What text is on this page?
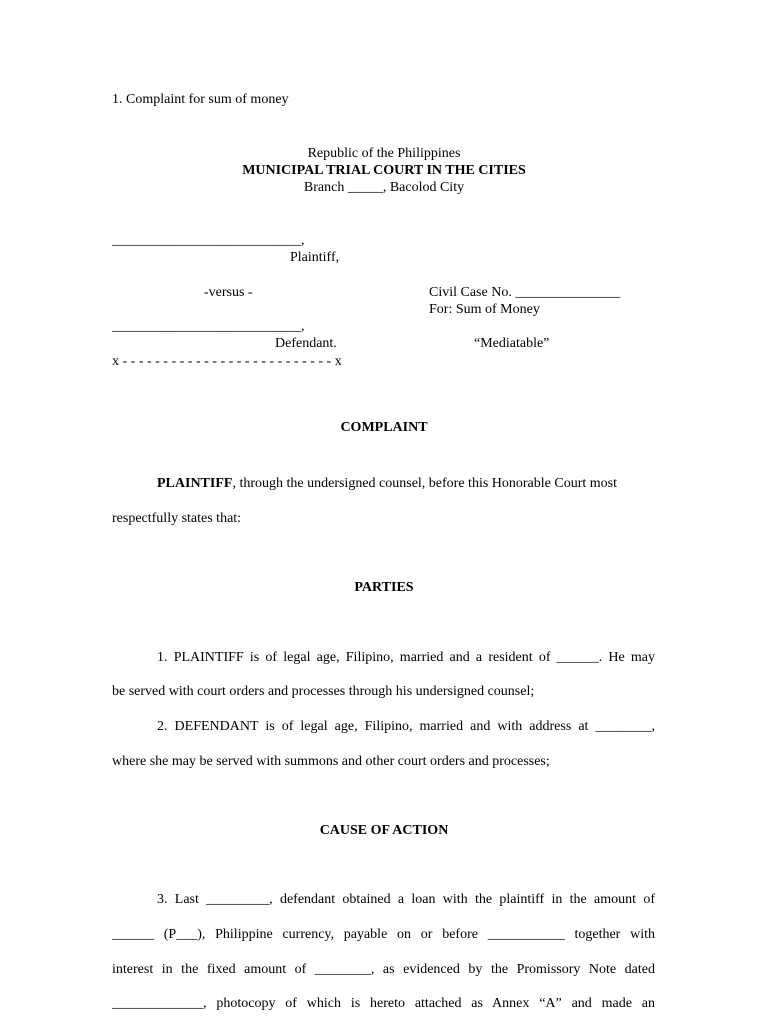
1. Complaint for sum of money
Republic of the Philippines
MUNICIPAL TRIAL COURT IN THE CITIES
Branch _____, Bacolod City
___________________________,
Plaintiff,
-versus -	Civil Case No. _______________
For: Sum of Money
___________________________,
Defendant.	“Mediatable”
x - - - - - - - - - - - - - - - - - - - - - - - - - - x
COMPLAINT
PLAINTIFF, through the undersigned counsel, before this Honorable Court most
respectfully states that:
PARTIES
1. PLAINTIFF is of legal age, Filipino, married and a resident of ______. He may
be served with court orders and processes through his undersigned counsel;
2. DEFENDANT is of legal age, Filipino, married and with address at ________,
where she may be served with summons and other court orders and processes;
CAUSE OF ACTION
3. Last _________, defendant obtained a loan with the plaintiff in the amount of
______ (P___), Philippine currency, payable on or before ___________ together with
interest in the fixed amount of ________, as evidenced by the Promissory Note dated
_____________, photocopy of which is hereto attached as Annex “A” and made an
